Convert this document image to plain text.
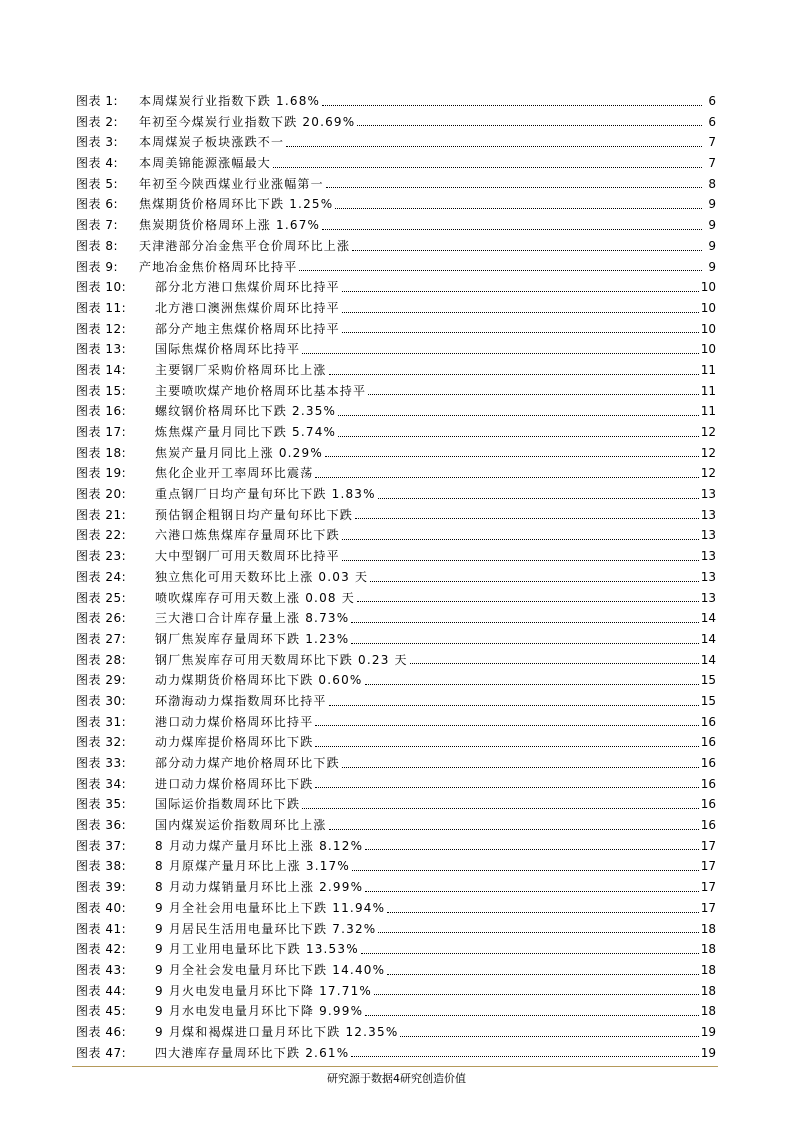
图表 1:	本周煤炭行业指数下跌 1.68%	6
图表 2:	年初至今煤炭行业指数下跌 20.69%	6
图表 3:	本周煤炭子板块涨跌不一	7
图表 4:	本周美锦能源涨幅最大	7
图表 5:	年初至今陕西煤业行业涨幅第一	8
图表 6:	焦煤期货价格周环比下跌 1.25%	9
图表 7:	焦炭期货价格周环上涨 1.67%	9
图表 8:	天津港部分冶金焦平仓价周环比上涨	9
图表 9:	产地冶金焦价格周环比持平	9
图表 10:	部分北方港口焦煤价周环比持平	10
图表 11:	北方港口澳洲焦煤价周环比持平	10
图表 12:	部分产地主焦煤价格周环比持平	10
图表 13:	国际焦煤价格周环比持平	10
图表 14:	主要钢厂采购价格周环比上涨	11
图表 15:	主要喷吹煤产地价格周环比基本持平	11
图表 16:	螺纹钢价格周环比下跌 2.35%	11
图表 17:	炼焦煤产量月同比下跌 5.74%	12
图表 18:	焦炭产量月同比上涨 0.29%	12
图表 19:	焦化企业开工率周环比震荡	12
图表 20:	重点钢厂日均产量旬环比下跌 1.83%	13
图表 21:	预估钢企粗钢日均产量旬环比下跌	13
图表 22:	六港口炼焦煤库存量周环比下跌	13
图表 23:	大中型钢厂可用天数周环比持平	13
图表 24:	独立焦化可用天数环比上涨 0.03 天	13
图表 25:	喷吹煤库存可用天数上涨 0.08 天	13
图表 26:	三大港口合计库存量上涨 8.73%	14
图表 27:	钢厂焦炭库存量周环下跌 1.23%	14
图表 28:	钢厂焦炭库存可用天数周环比下跌 0.23 天	14
图表 29:	动力煤期货价格周环比下跌 0.60%	15
图表 30:	环渤海动力煤指数周环比持平	15
图表 31:	港口动力煤价格周环比持平	16
图表 32:	动力煤库提价格周环比下跌	16
图表 33:	部分动力煤产地价格周环比下跌	16
图表 34:	进口动力煤价格周环比下跌	16
图表 35:	国际运价指数周环比下跌	16
图表 36:	国内煤炭运价指数周环比上涨	16
图表 37:	8 月动力煤产量月环比上涨 8.12%	17
图表 38:	8 月原煤产量月环比上涨 3.17%	17
图表 39:	8 月动力煤销量月环比上涨 2.99%	17
图表 40:	9 月全社会用电量环比上下跌 11.94%	17
图表 41:	9 月居民生活用电量环比下跌 7.32%	18
图表 42:	9 月工业用电量环比下跌 13.53%	18
图表 43:	9 月全社会发电量月环比下跌 14.40%	18
图表 44:	9 月火电发电量月环比下降 17.71%	18
图表 45:	9 月水电发电量月环比下降 9.99%	18
图表 46:	9 月煤和褐煤进口量月环比下跌 12.35%	19
图表 47:	四大港库存量周环比下跌 2.61%	19
研究源于数据4研究创造价值
